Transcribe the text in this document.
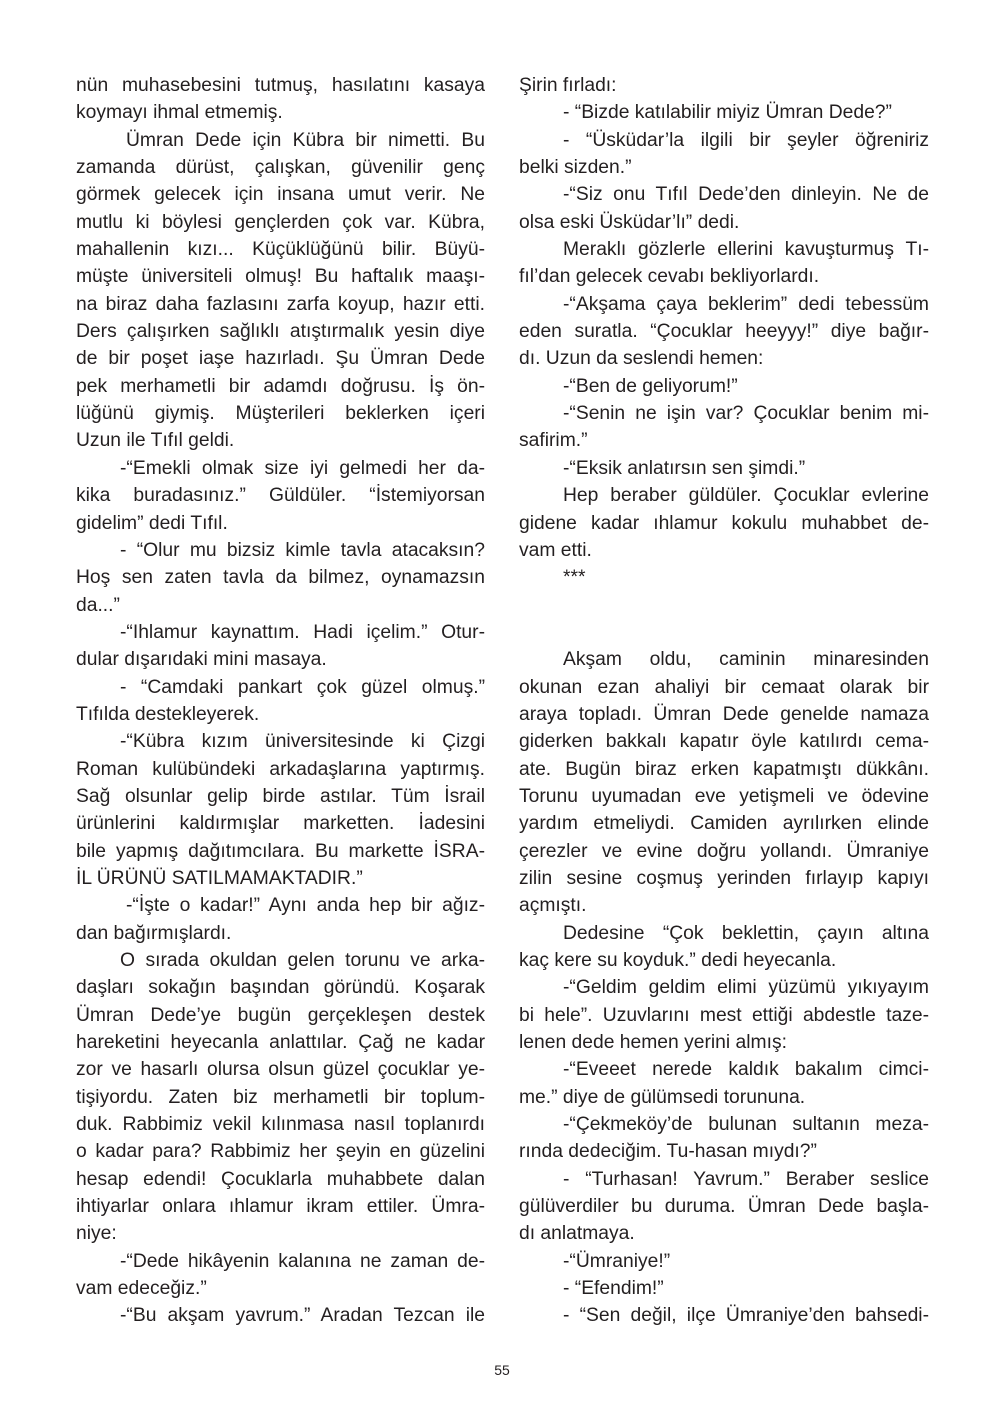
nün muhasebesini tutmuş, hasılatını kasaya
koymayı ihmal etmemiş.
Ümran Dede için Kübra bir nimetti. Bu
zamanda dürüst, çalışkan, güvenilir genç
görmek gelecek için insana umut verir. Ne
mutlu ki böylesi gençlerden çok var. Kübra,
mahallenin kızı... Küçüklüğünü bilir. Büyü-
müşte üniversiteli olmuş! Bu haftalık maaşı-
na biraz daha fazlasını zarfa koyup, hazır etti.
Ders çalışırken sağlıklı atıştırmalık yesin diye
de bir poşet iaşe hazırladı. Şu Ümran Dede
pek merhametli bir adamdı doğrusu. İş ön-
lüğünü giymiş. Müşterileri beklerken içeri
Uzun ile Tıfıl geldi.
-“Emekli olmak size iyi gelmedi her da-
kika buradasınız.” Güldüler. “İstemiyorsan
gidelim” dedi Tıfıl.
- “Olur mu bizsiz kimle tavla atacaksın?
Hoş sen zaten tavla da bilmez, oynamazsın
da...”
-“Ihlamur kaynattım. Hadi içelim.” Otur-
dular dışarıdaki mini masaya.
- “Camdaki pankart çok güzel olmuş.”
Tıfılda destekleyerek.
-“Kübra kızım üniversitesinde ki Çizgi
Roman kulübündeki arkadaşlarına yaptırmış.
Sağ olsunlar gelip birde astılar. Tüm İsrail
ürünlerini kaldırmışlar marketten. İadesini
bile yapmış dağıtımcılara. Bu markette İSRA-
İL ÜRÜNÜ SATILMAMAKTADIR.”
-“İşte o kadar!” Aynı anda hep bir ağız-
dan bağırmışlardı.
O sırada okuldan gelen torunu ve arka-
daşları sokağın başından göründü. Koşarak
Ümran Dede’ye bugün gerçekleşen destek
hareketini heyecanla anlattılar. Çağ ne kadar
zor ve hasarlı olursa olsun güzel çocuklar ye-
tişiyordu. Zaten biz merhametli bir toplum-
duk. Rabbimiz vekil kılınmasa nasıl toplanırdı
o kadar para? Rabbimiz her şeyin en güzelini
hesap edendi! Çocuklarla muhabbete dalan
ihtiyarlar onlara ıhlamur ikram ettiler. Ümra-
niye:
-“Dede hikâyenin kalanına ne zaman de-
vam edeceğiz.”
-“Bu akşam yavrum.” Aradan Tezcan ile
Şirin fırladı:
- “Bizde katılabilir miyiz Ümran Dede?”
- “Üsküdar’la ilgili bir şeyler öğreniriz
belki sizden.”
-“Siz onu Tıfıl Dede’den dinleyin. Ne de
olsa eski Üsküdar’lı” dedi.
Meraklı gözlerle ellerini kavuşturmuş Tı-
fıl’dan gelecek cevabı bekliyorlardı.
-“Akşama çaya beklerim” dedi tebessüm
eden suratla. “Çocuklar heeyyy!” diye bağır-
dı. Uzun da seslendi hemen:
-“Ben de geliyorum!”
-“Senin ne işin var? Çocuklar benim mi-
safirim.”
-“Eksik anlatırsın sen şimdi.”
Hep beraber güldüler. Çocuklar evlerine
gidene kadar ıhlamur kokulu muhabbet de-
vam etti.
***
Akşam oldu, caminin minaresinden
okunan ezan ahaliyi bir cemaat olarak bir
araya topladı. Ümran Dede genelde namaza
giderken bakkalı kapatır öyle katılırdı cema-
ate. Bugün biraz erken kapatmıştı dükkânı.
Torunu uyumadan eve yetişmeli ve ödevine
yardım etmeliydi. Camiden ayrılırken elinde
çerezler ve evine doğru yollandı. Ümraniye
zilin sesine coşmuş yerinden fırlayıp kapıyı
açmıştı.
Dedesine “Çok beklettin, çayın altına
kaç kere su koyduk.” dedi heyecanla.
-“Geldim geldim elimi yüzümü yıkıyayım
bi hele”. Uzuvlarını mest ettiği abdestle taze-
lenen dede hemen yerini almış:
-“Eveeet nerede kaldık bakalım cimci-
me.” diye de gülümsedi torununa.
-“Çekmeköy’de bulunan sultanın meza-
rında dedeciğim. Tu-hasan mıydı?”
- “Turhasan! Yavrum.” Beraber seslice
gülüverdiler bu duruma. Ümran Dede başla-
dı anlatmaya.
-“Ümraniye!”
- “Efendim!”
- “Sen değil, ilçe Ümraniye’den bahsedi-
55
